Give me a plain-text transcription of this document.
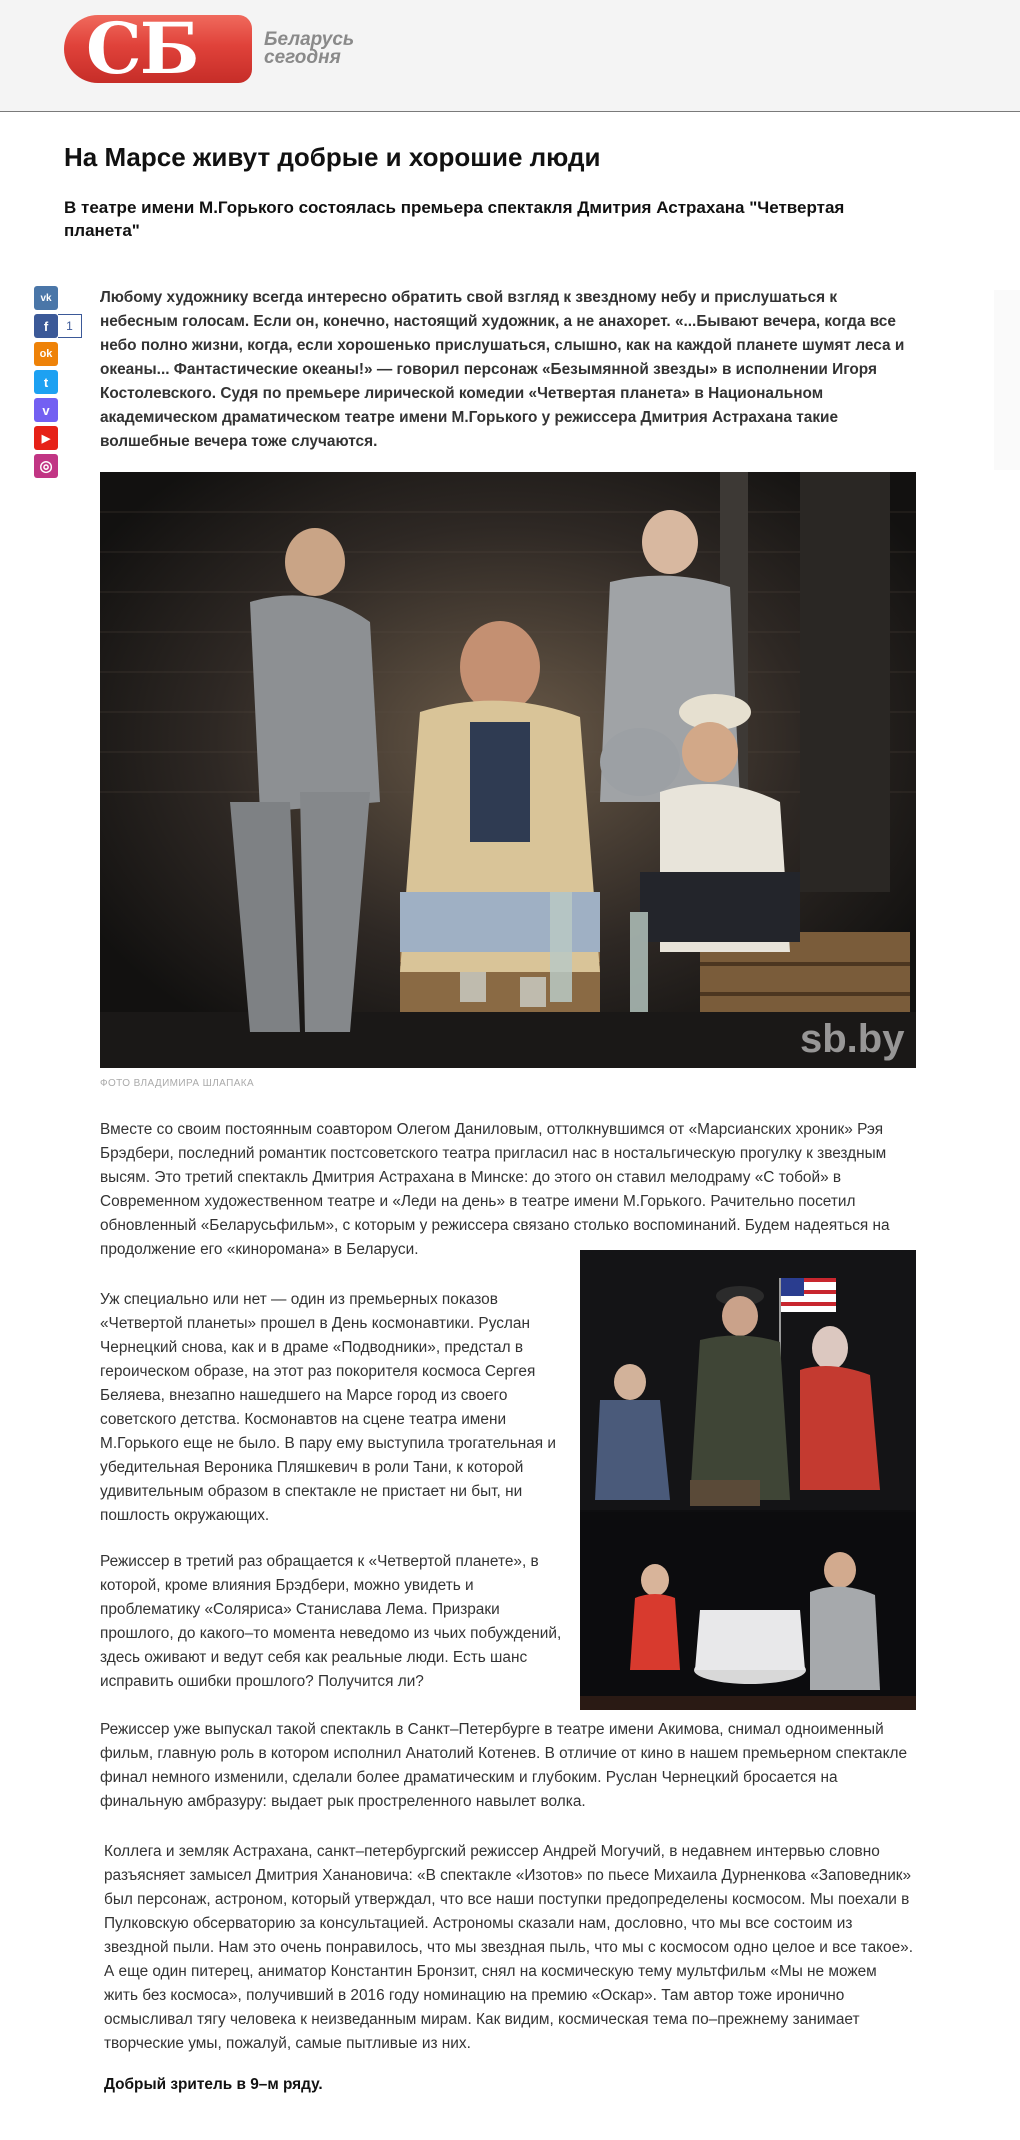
СБ	Беларусь
сегодня
На Марсе живут добрые и хорошие люди

В театре имени М.Горького состоялась премьера спектакля Дмитрия Астрахана "Четвертая планета"

vk
f	1
ok
t
v
▶
◎

Любому художнику всегда интересно обратить свой взгляд к звездному небу и прислушаться к небесным голосам. Если он, конечно, настоящий художник, а не анахорет. «...Бывают вечера, когда все небо полно жизни, когда, если хорошенько прислушаться, слышно, как на каждой планете шумят леса и океаны... Фантастические океаны!» — говорил персонаж «Безымянной звезды» в исполнении Игоря Костолевского. Судя по премьере лирической комедии «Четвертая планета» в Национальном академическом драматическом театре имени М.Горького у режиссера Дмитрия Астрахана такие волшебные вечера тоже случаются.

sb.by
ФОТО ВЛАДИМИРА ШЛАПАКА

Вместе со своим постоянным соавтором Олегом Даниловым, оттолкнувшимся от «Марсианских хроник» Рэя Брэдбери, последний романтик постсоветского театра пригласил нас в ностальгическую прогулку к звездным высям. Это третий спектакль Дмитрия Астрахана в Минске: до этого он ставил мелодраму «С тобой» в Современном художественном театре и «Леди на день» в театре имени М.Горького. Рачительно посетил обновленный «Беларусьфильм», с которым у режиссера связано столько воспоминаний. Будем надеяться на продолжение его «кинороманa» в Беларуси.

Уж специально или нет — один из премьерных показов «Четвертой планеты» прошел в День космонавтики. Руслан Чернецкий снова, как и в драме «Подводники», предстал в героическом образе, на этот раз покорителя космоса Сергея Беляева, внезапно нашедшего на Марсе город из своего советского детства. Космонавтов на сцене театра имени М.Горького еще не было. В пару ему выступила трогательная и убедительная Вероника Пляшкевич в роли Тани, к которой удивительным образом в спектакле не пристает ни быт, ни пошлость окружающих.

Режиссер в третий раз обращается к «Четвертой планете», в которой, кроме влияния Брэдбери, можно увидеть и проблематику «Соляриса» Станислава Лема. Призраки прошлого, до какого–то момента неведомо из чьих побуждений, здесь оживают и ведут себя как реальные люди. Есть шанс исправить ошибки прошлого? Получится ли?

Режиссер уже выпускал такой спектакль в Санкт–Петербурге в театре имени Акимова, снимал одноименный фильм, главную роль в котором исполнил Анатолий Котенев. В отличие от кино в нашем премьерном спектакле финал немного изменили, сделали более драматическим и глубоким. Руслан Чернецкий бросается на финальную амбразуру: выдает рык простреленного навылет волка.

Коллега и земляк Астрахана, санкт–петербургский режиссер Андрей Могучий, в недавнем интервью словно разъясняет замысел Дмитрия Ханановича: «В спектакле «Изотов» по пьесе Михаила Дурненкова «Заповедник» был персонаж, астроном, который утверждал, что все наши поступки предопределены космосом. Мы поехали в Пулковскую обсерваторию за консультацией. Астрономы сказали нам, дословно, что мы все состоим из звездной пыли. Нам это очень понравилось, что мы звездная пыль, что мы с космосом одно целое и все такое». А еще один питерец, аниматор Константин Бронзит, снял на космическую тему мультфильм «Мы не можем жить без космоса», получивший в 2016 году номинацию на премию «Оскар». Там автор тоже иронично осмысливал тягу человека к неизведанным мирам. Как видим, космическая тема по–прежнему занимает творческие умы, пожалуй, самые пытливые из них.

Добрый зритель в 9–м ряду.
